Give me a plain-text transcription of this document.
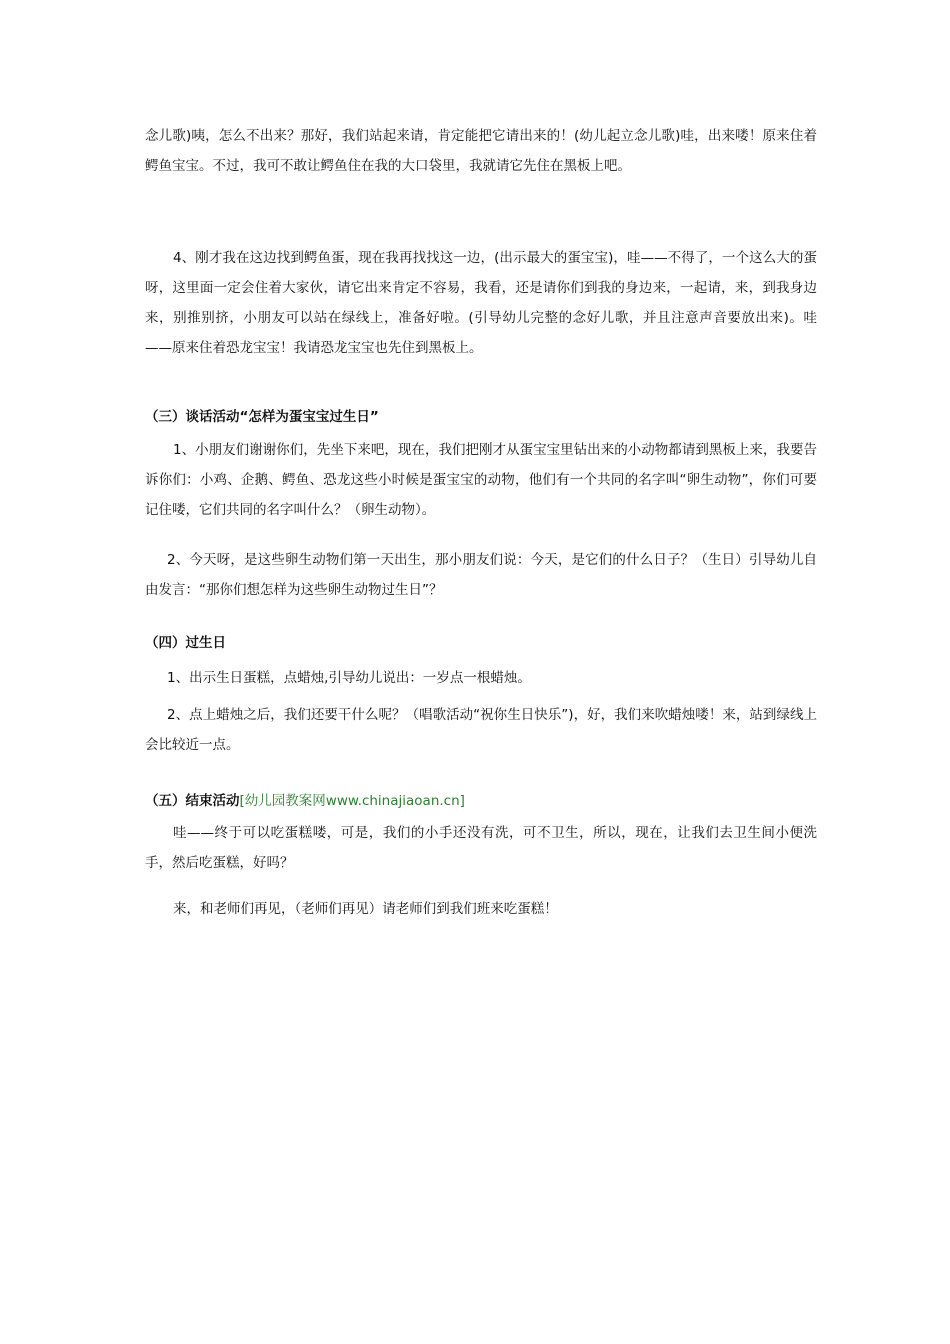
念儿歌)咦，怎么不出来？那好，我们站起来请，肯定能把它请出来的！(幼儿起立念儿歌)哇，出来喽！原来住着鳄鱼宝宝。不过，我可不敢让鳄鱼住在我的大口袋里，我就请它先住在黑板上吧。

4、刚才我在这边找到鳄鱼蛋，现在我再找找这一边，(出示最大的蛋宝宝)，哇——不得了，一个这么大的蛋呀，这里面一定会住着大家伙，请它出来肯定不容易，我看，还是请你们到我的身边来，一起请，来，到我身边来，别推别挤，小朋友可以站在绿线上，准备好啦。(引导幼儿完整的念好儿歌，并且注意声音要放出来)。哇——原来住着恐龙宝宝！我请恐龙宝宝也先住到黑板上。

（三）谈话活动“怎样为蛋宝宝过生日”

1、小朋友们谢谢你们，先坐下来吧，现在，我们把刚才从蛋宝宝里钻出来的小动物都请到黑板上来，我要告诉你们：小鸡、企鹅、鳄鱼、恐龙这些小时候是蛋宝宝的动物，他们有一个共同的名字叫“卵生动物”，你们可要记住喽，它们共同的名字叫什么？（卵生动物）。

2、今天呀，是这些卵生动物们第一天出生，那小朋友们说：今天，是它们的什么日子？（生日）引导幼儿自由发言：“那你们想怎样为这些卵生动物过生日”？

（四）过生日

1、出示生日蛋糕，点蜡烛,引导幼儿说出：一岁点一根蜡烛。

2、点上蜡烛之后，我们还要干什么呢？（唱歌活动“祝你生日快乐”)，好，我们来吹蜡烛喽！来，站到绿线上会比较近一点。

（五）结束活动[幼儿园教案网www.chinajiaoan.cn]

哇——终于可以吃蛋糕喽，可是，我们的小手还没有洗，可不卫生，所以，现在，让我们去卫生间小便洗手，然后吃蛋糕，好吗？

来，和老师们再见，（老师们再见）请老师们到我们班来吃蛋糕！
